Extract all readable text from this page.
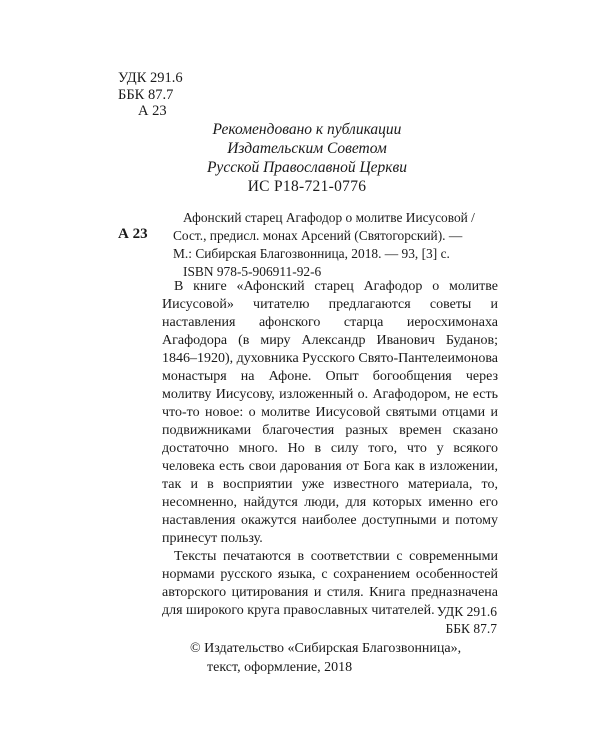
УДК 291.6
ББК 87.7
А 23
Рекомендовано к публикации
Издательским Советом
Русской Православной Церкви
ИС Р18-721-0776
А 23
Афонский старец Агафодор о молитве Иисусовой /
Сост., предисл. монах Арсений (Святогорский). —
М.: Сибирская Благозвонница, 2018. — 93, [3] с.
ISBN 978-5-906911-92-6

В книге «Афонский старец Агафодор о молитве Иисусовой» читателю предлагаются советы и наставления афонского старца иеросхимонаха Агафодора (в миру Александр Иванович Буданов; 1846–1920), духовника Русского Свято-Пантелеимонова монастыря на Афоне. Опыт богообщения через молитву Иисусову, изложенный о. Агафодором, не есть что-то новое: о молитве Иисусовой святыми отцами и подвижниками благочестия разных времен сказано достаточно много. Но в силу того, что у всякого человека есть свои дарования от Бога как в изложении, так и в восприятии уже известного материала, то, несомненно, найдутся люди, для которых именно его наставления окажутся наиболее доступными и потому принесут пользу.

Тексты печатаются в соответствии с современными нормами русского языка, с сохранением особенностей авторского цитирования и стиля. Книга предназначена для широкого круга православных читателей. УДК 291.6
ББК 87.7
© Издательство «Сибирская Благозвонница»,
текст, оформление, 2018
